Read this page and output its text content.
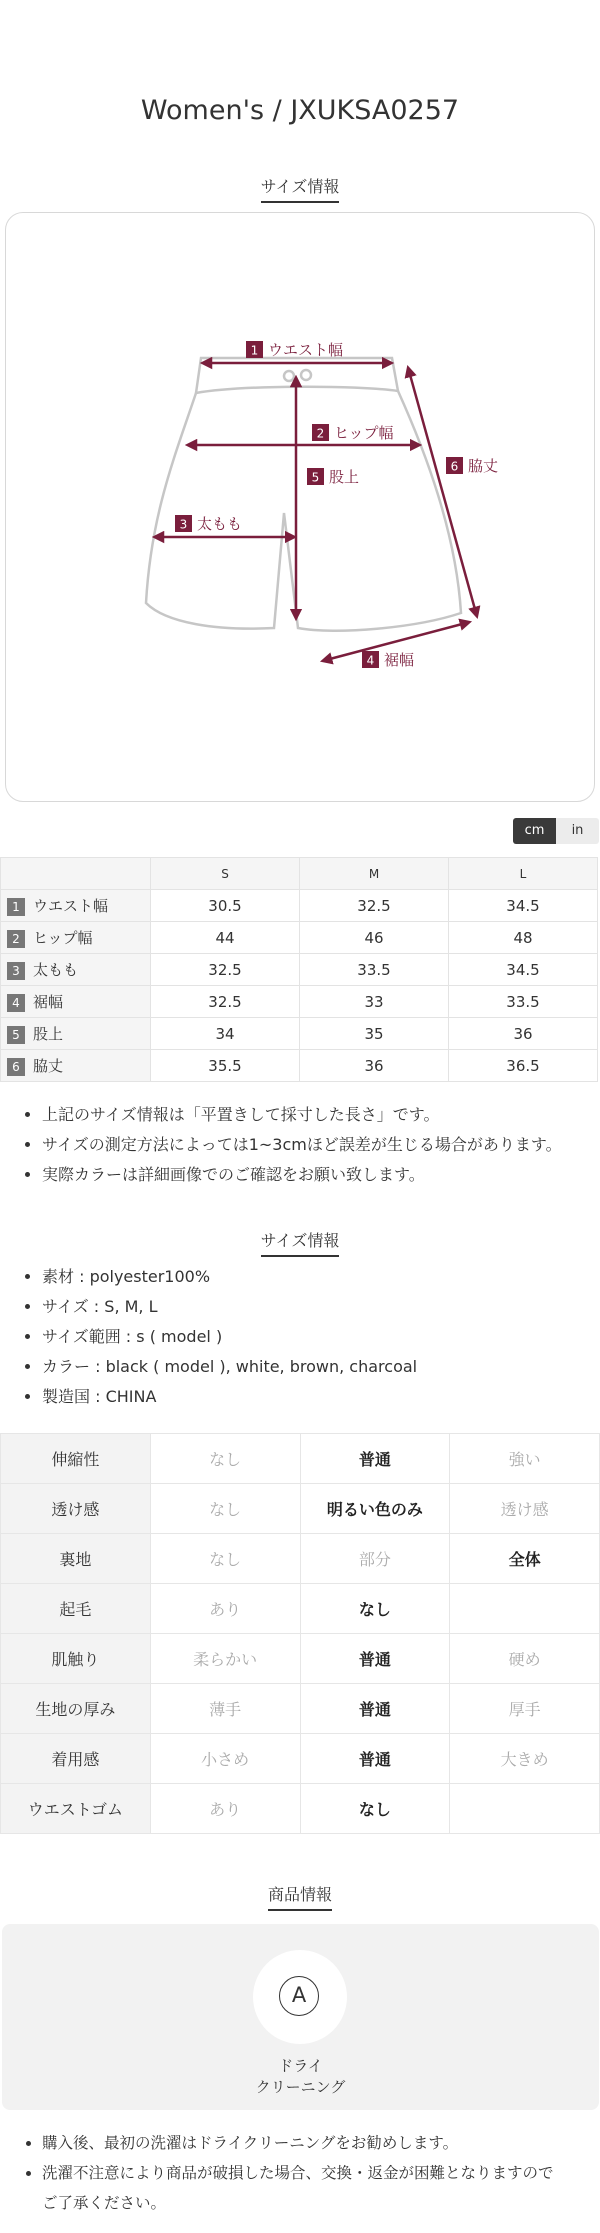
Women's / JXUKSA0257
サイズ情報
1 ウエスト幅
2 ヒップ幅
3 太もも
4 裾幅
5 股上
6 脇丈
cm	in
	S	M	L
1 ウエスト幅	30.5	32.5	34.5
2 ヒップ幅	44	46	48
3 太もも	32.5	33.5	34.5
4 裾幅	32.5	33	33.5
5 股上	34	35	36
6 脇丈	35.5	36	36.5
• 上記のサイズ情報は「平置きして採寸した長さ」です。
• サイズの測定方法によっては1~3cmほど誤差が生じる場合があります。
• 実際カラーは詳細画像でのご確認をお願い致します。
サイズ情報
• 素材 : polyester100%
• サイズ : S, M, L
• サイズ範囲 : s ( model )
• カラー : black ( model ), white, brown, charcoal
• 製造国 : CHINA
伸縮性	なし	普通	強い
透け感	なし	明るい色のみ	透け感
裏地	なし	部分	全体
起毛	あり	なし	
肌触り	柔らかい	普通	硬め
生地の厚み	薄手	普通	厚手
着用感	小さめ	普通	大きめ
ウエストゴム	あり	なし	
商品情報
A
ドライ
クリーニング
• 購入後、最初の洗濯はドライクリーニングをお勧めします。
• 洗濯不注意により商品が破損した場合、交換・返金が困難となりますので
ご了承ください。
